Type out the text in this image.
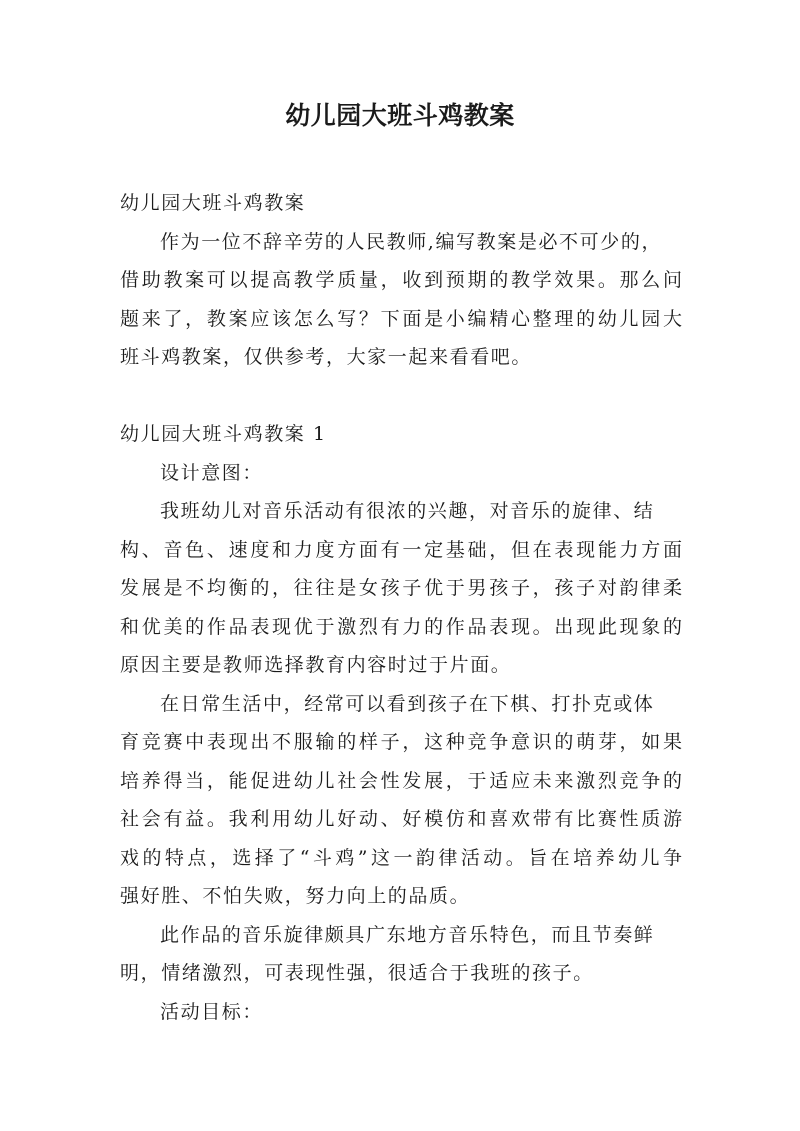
幼儿园大班斗鸡教案
幼儿园大班斗鸡教案
作为一位不辞辛劳的人民教师,编写教案是必不可少的，
借助教案可以提高教学质量，收到预期的教学效果。那么问
题来了，教案应该怎么写？下面是小编精心整理的幼儿园大
班斗鸡教案，仅供参考，大家一起来看看吧。
幼儿园大班斗鸡教案 1
设计意图：
我班幼儿对音乐活动有很浓的兴趣，对音乐的旋律、结
构、音色、速度和力度方面有一定基础，但在表现能力方面
发展是不均衡的，往往是女孩子优于男孩子，孩子对韵律柔
和优美的作品表现优于激烈有力的作品表现。出现此现象的
原因主要是教师选择教育内容时过于片面。
在日常生活中，经常可以看到孩子在下棋、打扑克或体
育竞赛中表现出不服输的样子，这种竞争意识的萌芽，如果
培养得当，能促进幼儿社会性发展，于适应未来激烈竞争的
社会有益。我利用幼儿好动、好模仿和喜欢带有比赛性质游
戏的特点，选择了“斗鸡”这一韵律活动。旨在培养幼儿争
强好胜、不怕失败，努力向上的品质。
此作品的音乐旋律颇具广东地方音乐特色，而且节奏鲜
明，情绪激烈，可表现性强，很适合于我班的孩子。
活动目标：
